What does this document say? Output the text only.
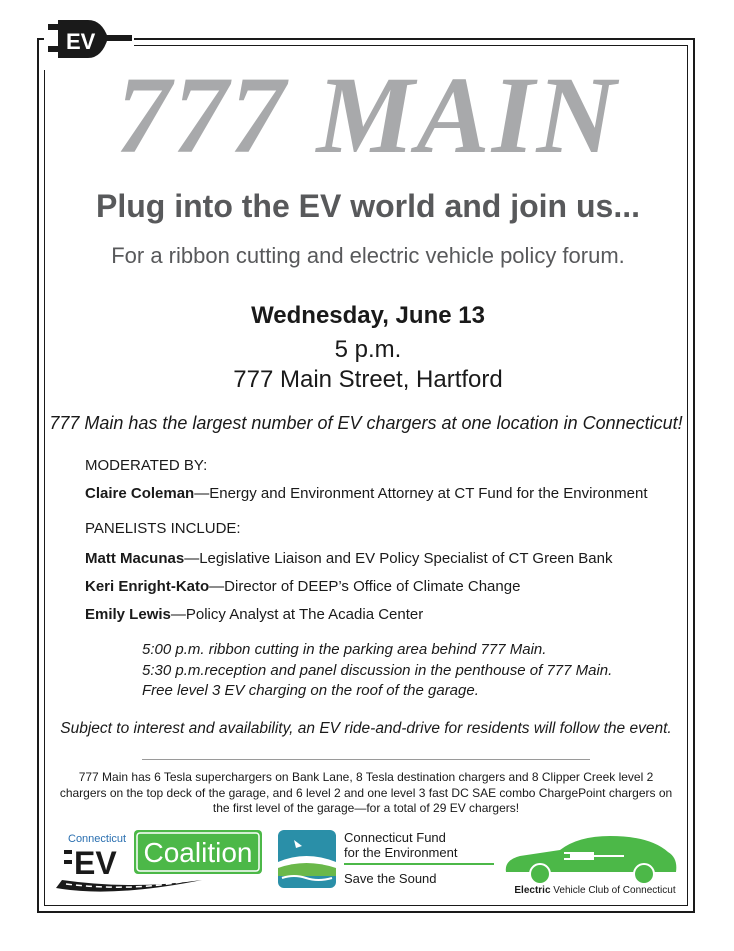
EV
777 MAIN
Plug into the EV world and join us...
For a ribbon cutting and electric vehicle policy forum.
Wednesday, June 13
5 p.m.
777 Main Street, Hartford
777 Main has the largest number of EV chargers at one location in Connecticut!
MODERATED BY:
Claire Coleman—Energy and Environment Attorney at CT Fund for the Environment
PANELISTS INCLUDE:
Matt Macunas—Legislative Liaison and EV Policy Specialist of CT Green Bank
Keri Enright-Kato—Director of DEEP’s Office of Climate Change
Emily Lewis—Policy Analyst at The Acadia Center
5:00 p.m. ribbon cutting in the parking area behind 777 Main.
5:30 p.m.reception and panel discussion in the penthouse of 777 Main.
Free level 3 EV charging on the roof of the garage.
Subject to interest and availability, an EV ride-and-drive for residents will follow the event.
777 Main has 6 Tesla superchargers on Bank Lane, 8 Tesla destination chargers and 8 Clipper Creek level 2 chargers on the top deck of the garage, and 6 level 2 and one level 3 fast DC SAE combo ChargePoint chargers on the first level of the garage—for a total of 29 EV chargers!
Coalition
Connecticut
EV
Connecticut Fund
for the Environment
Save the Sound
Electric Vehicle Club of Connecticut
